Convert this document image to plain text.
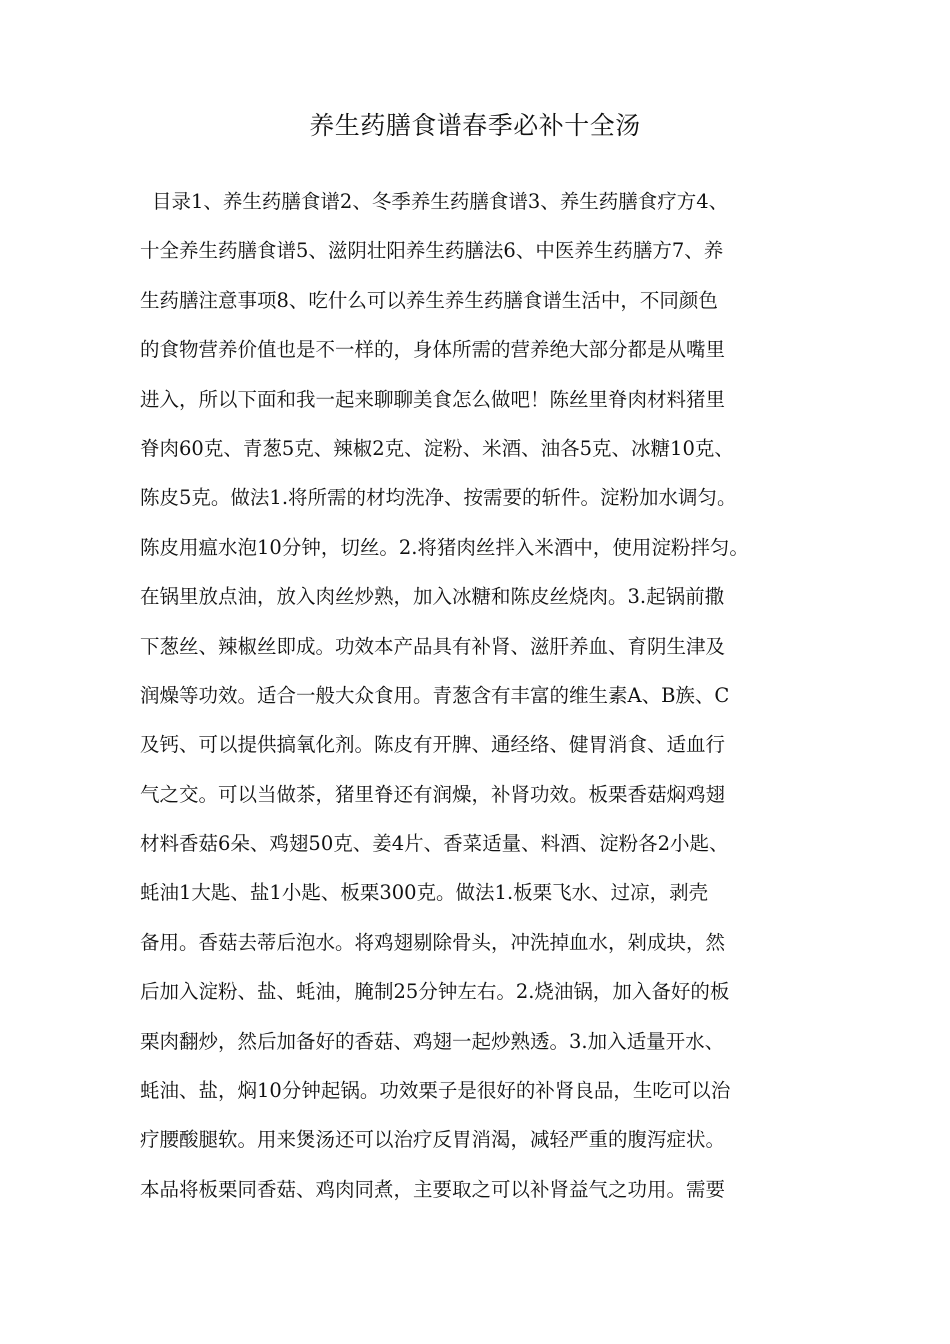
养生药膳食谱春季必补十全汤
目录1、养生药膳食谱2、冬季养生药膳食谱3、养生药膳食疗方4、
十全养生药膳食谱5、滋阴壮阳养生药膳法6、中医养生药膳方7、养
生药膳注意事项8、吃什么可以养生养生药膳食谱生活中，不同颜色
的食物营养价值也是不一样的，身体所需的营养绝大部分都是从嘴里
进入，所以下面和我一起来聊聊美食怎么做吧！陈丝里脊肉材料猪里
脊肉60克、青葱5克、辣椒2克、淀粉、米酒、油各5克、冰糖10克、
陈皮5克。做法1.将所需的材均洗净、按需要的斩件。淀粉加水调匀。
陈皮用瘟水泡10分钟，切丝。2.将猪肉丝拌入米酒中，使用淀粉拌匀。
在锅里放点油，放入肉丝炒熟，加入冰糖和陈皮丝烧肉。3.起锅前撒
下葱丝、辣椒丝即成。功效本产品具有补肾、滋肝养血、育阴生津及
润燥等功效。适合一般大众食用。青葱含有丰富的维生素A、B族、C
及钙、可以提供搞氧化剂。陈皮有开脾、通经络、健胃消食、适血行
气之交。可以当做茶，猪里脊还有润燥，补肾功效。板栗香菇焖鸡翅
材料香菇6朵、鸡翅50克、姜4片、香菜适量、料酒、淀粉各2小匙、
蚝油1大匙、盐1小匙、板栗300克。做法1.板栗飞水、过凉，剥壳
备用。香菇去蒂后泡水。将鸡翅剔除骨头，冲洗掉血水，剁成块，然
后加入淀粉、盐、蚝油，腌制25分钟左右。2.烧油锅，加入备好的板
栗肉翻炒，然后加备好的香菇、鸡翅一起炒熟透。3.加入适量开水、
蚝油、盐，焖10分钟起锅。功效栗子是很好的补肾良品，生吃可以治
疗腰酸腿软。用来煲汤还可以治疗反胃消渴，减轻严重的腹泻症状。
本品将板栗同香菇、鸡肉同煮，主要取之可以补肾益气之功用。需要
